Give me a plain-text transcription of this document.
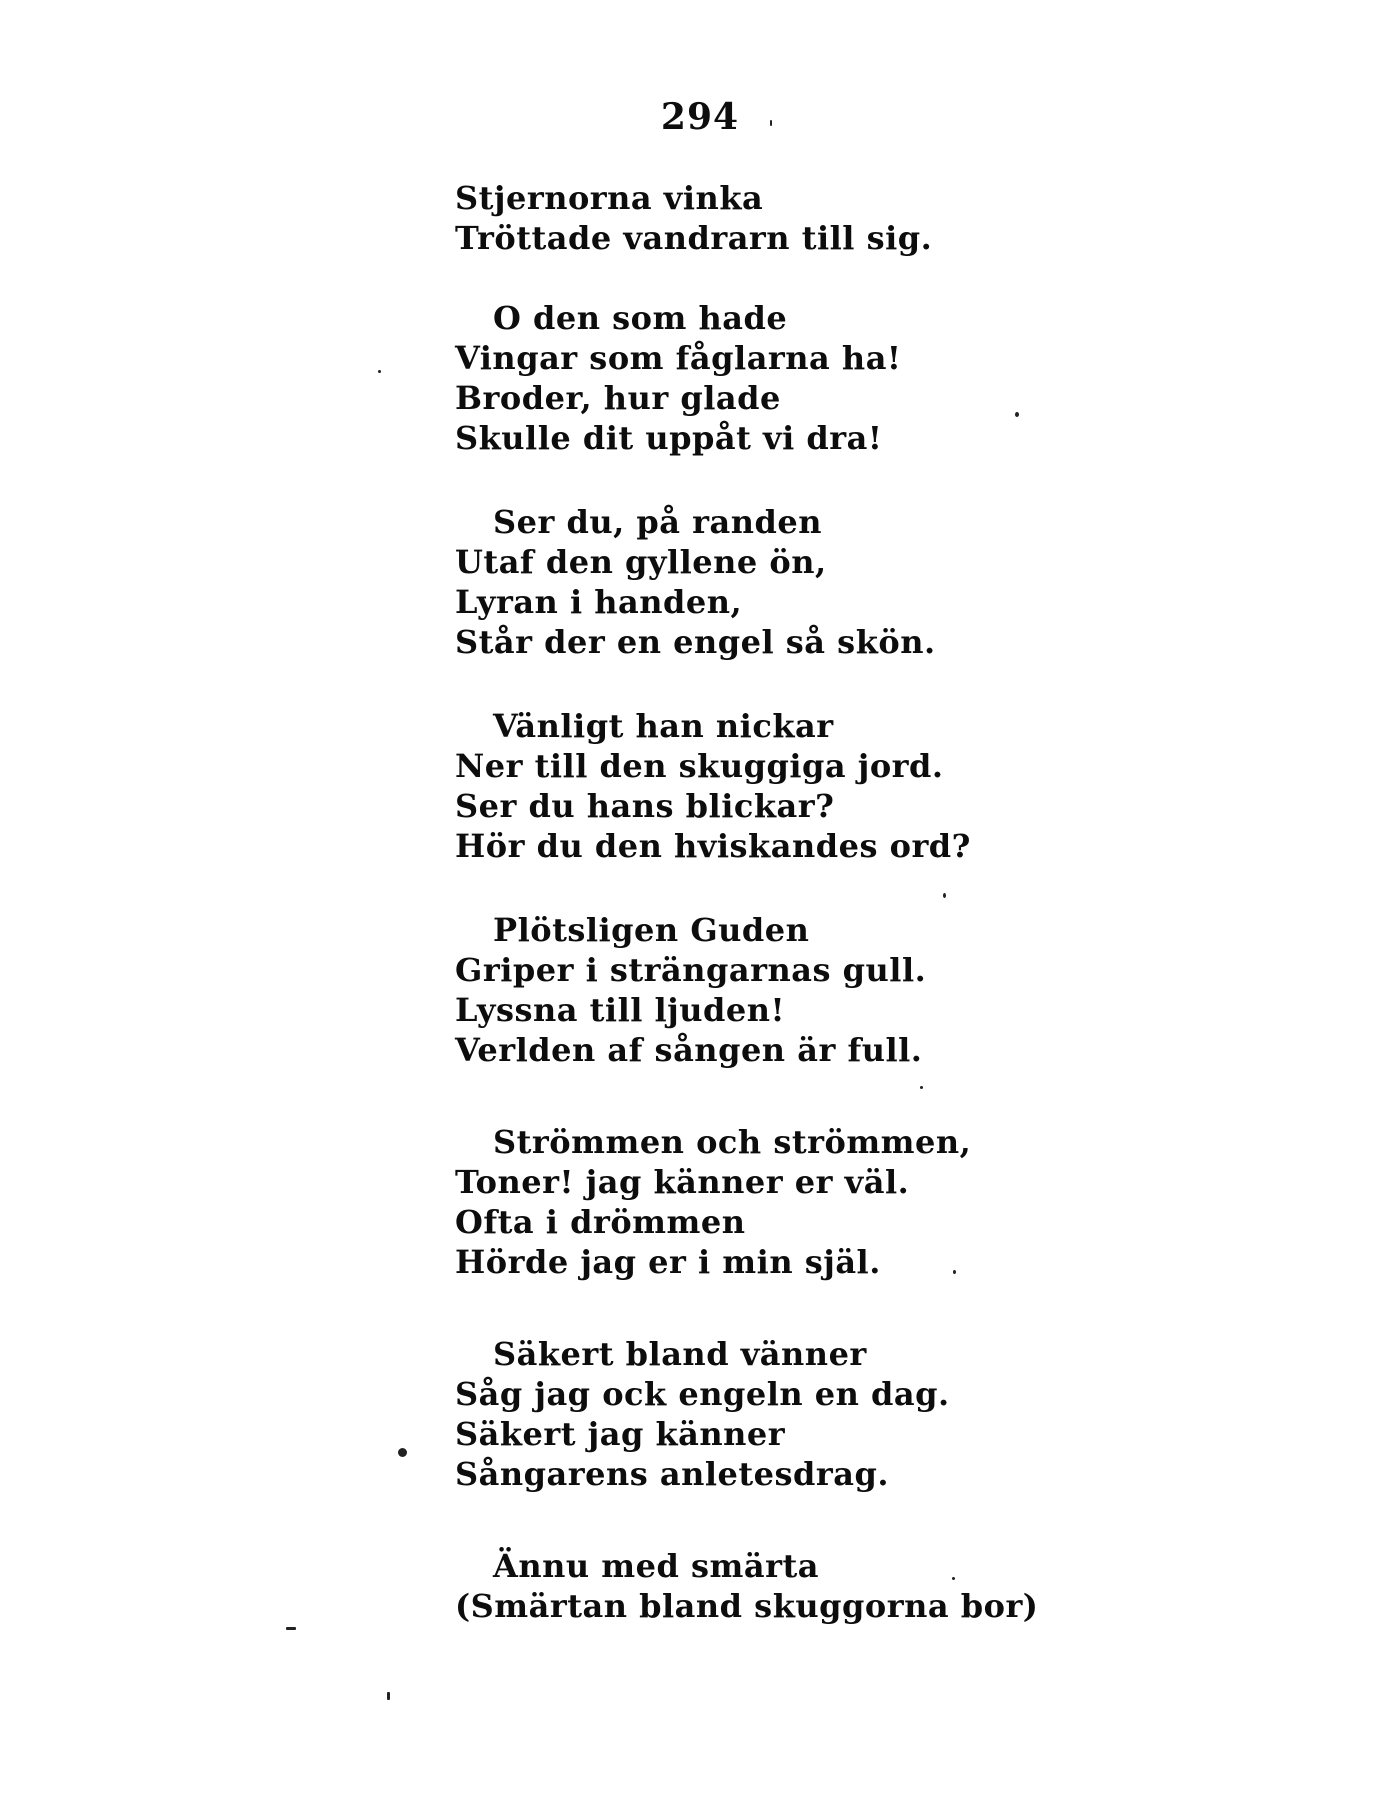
294
Stjernorna vinka
Tröttade vandrarn till sig.
O den som hade
Vingar som fåglarna ha!
Broder, hur glade
Skulle dit uppåt vi dra!
Ser du, på randen
Utaf den gyllene ön,
Lyran i handen,
Står der en engel så skön.
Vänligt han nickar
Ner till den skuggiga jord.
Ser du hans blickar?
Hör du den hviskandes ord?
Plötsligen Guden
Griper i strängarnas gull.
Lyssna till ljuden!
Verlden af sången är full.
Strömmen och strömmen,
Toner! jag känner er väl.
Ofta i drömmen
Hörde jag er i min själ.
Säkert bland vänner
Såg jag ock engeln en dag.
Säkert jag känner
Sångarens anletesdrag.
Ännu med smärta
(Smärtan bland skuggorna bor)
